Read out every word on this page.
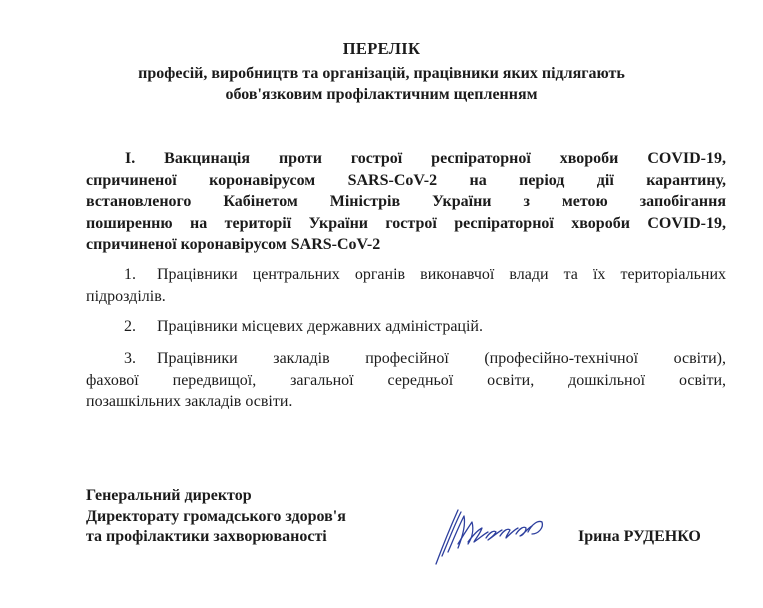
ПЕРЕЛІК
професій, виробництв та організацій, працівники яких підлягають
обов'язковим профілактичним щепленням
I. Вакцинація проти гострої респіраторної хвороби COVID-19,
спричиненої коронавірусом SARS-CoV-2 на період дії карантину,
встановленого Кабінетом Міністрів України з метою запобігання
поширенню на території України гострої респіраторної хвороби COVID-19,
спричиненої коронавірусом SARS-CoV-2
1. Працівники центральних органів виконавчої влади та їх територіальних
підрозділів.
2. Працівники місцевих державних адміністрацій.
3. Працівники закладів професійної (професійно-технічної освіти),
фахової передвищої, загальної середньої освіти, дошкільної освіти,
позашкільних закладів освіти.
Генеральний директор
Директорату громадського здоров'я
та профілактики захворюваності	Ірина РУДЕНКО
